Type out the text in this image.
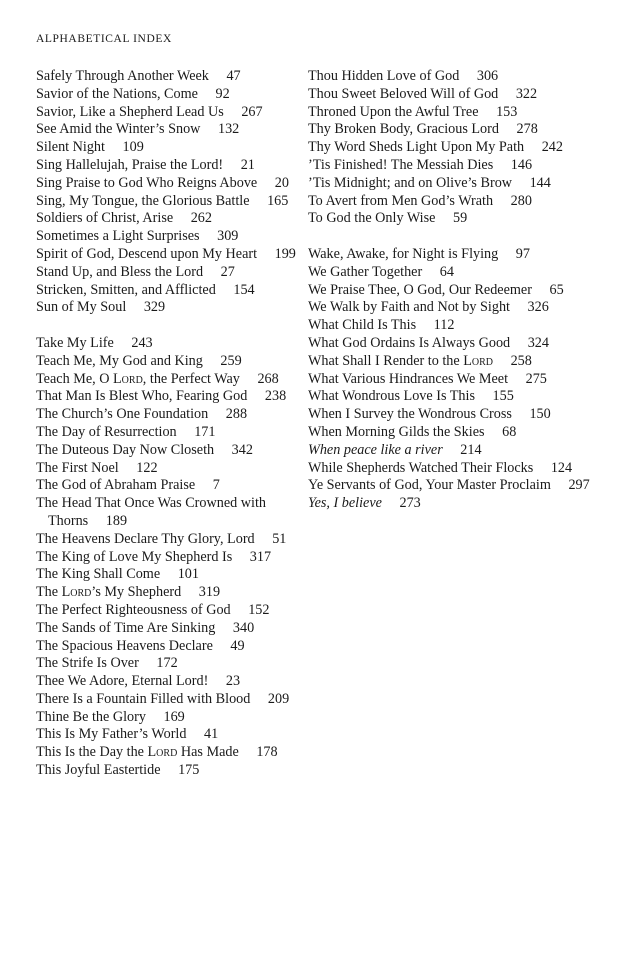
ALPHABETICAL INDEX

Safely Through Another Week 47

Savior of the Nations, Come 92

Savior, Like a Shepherd Lead Us 267

See Amid the Winter’s Snow 132

Silent Night 109

Sing Hallelujah, Praise the Lord! 21

Sing Praise to God Who Reigns Above 20

Sing, My Tongue, the Glorious Battle 165

Soldiers of Christ, Arise 262

Sometimes a Light Surprises 309

Spirit of God, Descend upon My Heart 199

Stand Up, and Bless the Lord 27

Stricken, Smitten, and Afflicted 154

Sun of My Soul 329

Take My Life 243

Teach Me, My God and King 259

Teach Me, O Lord, the Perfect Way 268

That Man Is Blest Who, Fearing God 238

The Church’s One Foundation 288

The Day of Resurrection 171

The Duteous Day Now Closeth 342

The First Noel 122

The God of Abraham Praise 7

The Head That Once Was Crowned with Thorns 189

The Heavens Declare Thy Glory, Lord 51

The King of Love My Shepherd Is 317

The King Shall Come 101

The Lord’s My Shepherd 319

The Perfect Righteousness of God 152

The Sands of Time Are Sinking 340

The Spacious Heavens Declare 49

The Strife Is Over 172

Thee We Adore, Eternal Lord! 23

There Is a Fountain Filled with Blood 209

Thine Be the Glory 169

This Is My Father’s World 41

This Is the Day the Lord Has Made 178

This Joyful Eastertide 175

Thou Hidden Love of God 306

Thou Sweet Beloved Will of God 322

Throned Upon the Awful Tree 153

Thy Broken Body, Gracious Lord 278

Thy Word Sheds Light Upon My Path 242

’Tis Finished! The Messiah Dies 146

’Tis Midnight; and on Olive’s Brow 144

To Avert from Men God’s Wrath 280

To God the Only Wise 59

Wake, Awake, for Night is Flying 97

We Gather Together 64

We Praise Thee, O God, Our Redeemer 65

We Walk by Faith and Not by Sight 326

What Child Is This 112

What God Ordains Is Always Good 324

What Shall I Render to the Lord 258

What Various Hindrances We Meet 275

What Wondrous Love Is This 155

When I Survey the Wondrous Cross 150

When Morning Gilds the Skies 68

When peace like a river 214

While Shepherds Watched Their Flocks 124

Ye Servants of God, Your Master Proclaim 297

Yes, I believe 273
